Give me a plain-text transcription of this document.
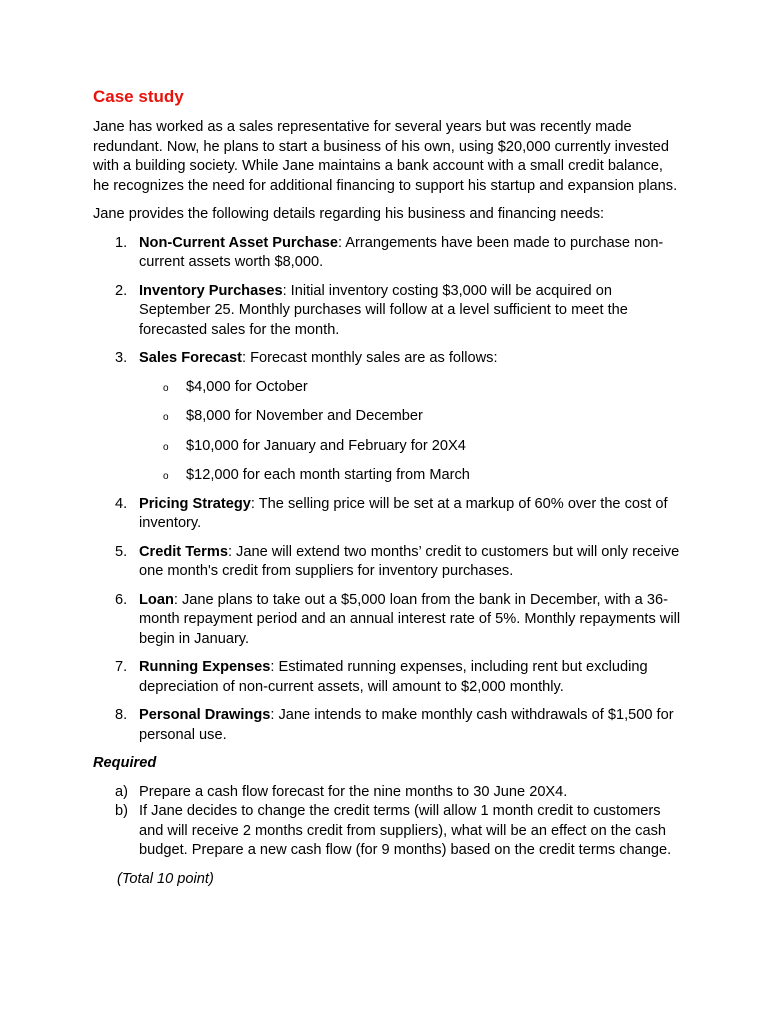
Case study

Jane has worked as a sales representative for several years but was recently made redundant. Now, he plans to start a business of his own, using $20,000 currently invested with a building society. While Jane maintains a bank account with a small credit balance, he recognizes the need for additional financing to support his startup and expansion plans.

Jane provides the following details regarding his business and financing needs:

1. Non-Current Asset Purchase: Arrangements have been made to purchase non-current assets worth $8,000.
2. Inventory Purchases: Initial inventory costing $3,000 will be acquired on September 25. Monthly purchases will follow at a level sufficient to meet the forecasted sales for the month.
3. Sales Forecast: Forecast monthly sales are as follows:
o $4,000 for October
o $8,000 for November and December
o $10,000 for January and February for 20X4
o $12,000 for each month starting from March
4. Pricing Strategy: The selling price will be set at a markup of 60% over the cost of inventory.
5. Credit Terms: Jane will extend two months’ credit to customers but will only receive one month's credit from suppliers for inventory purchases.
6. Loan: Jane plans to take out a $5,000 loan from the bank in December, with a 36-month repayment period and an annual interest rate of 5%. Monthly repayments will begin in January.
7. Running Expenses: Estimated running expenses, including rent but excluding depreciation of non-current assets, will amount to $2,000 monthly.
8. Personal Drawings: Jane intends to make monthly cash withdrawals of $1,500 for personal use.
Required
a) Prepare a cash flow forecast for the nine months to 30 June 20X4.
b) If Jane decides to change the credit terms (will allow 1 month credit to customers and will receive 2 months credit from suppliers), what will be an effect on the cash budget. Prepare a new cash flow (for 9 months) based on the credit terms change.
(Total 10 point)
